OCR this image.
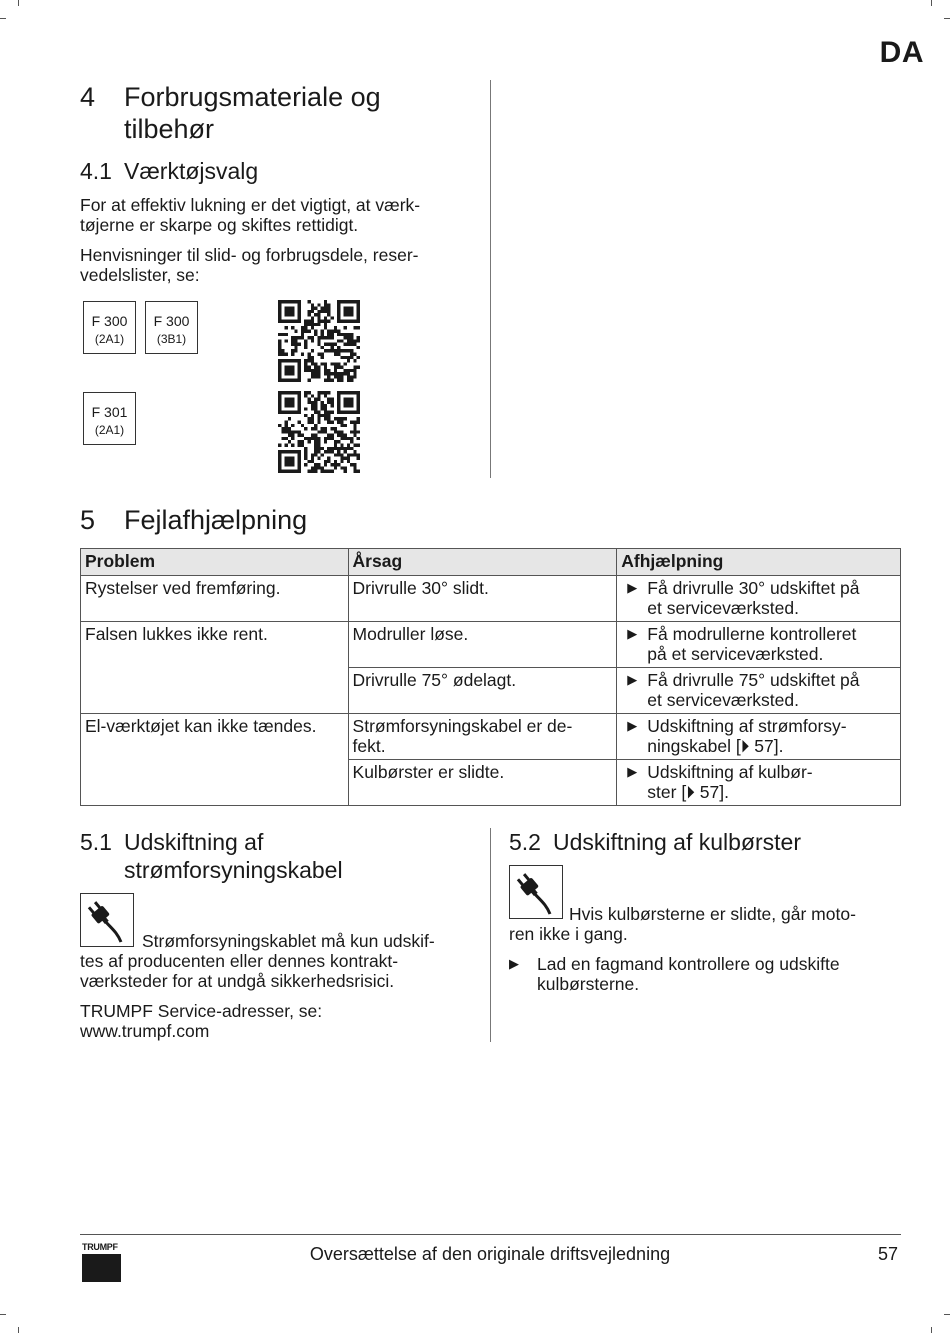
DA
4 Forbrugsmateriale og
tilbehør
4.1 Værktøjsvalg

For at effektiv lukning er det vigtigt, at værk-
tøjerne er skarpe og skiftes rettidigt.

Henvisninger til slid- og forbrugsdele, reser-
vedelslister, se:

F 300
(2A1)
F 300
(3B1)
F 301
(2A1)
5 Fejlafhjælpning
Problem	Årsag	Afhjælpning
Rystelser ved fremføring.	Drivrulle 30° slidt.	▶ Få drivrulle 30° udskiftet på
et serviceværksted.

Falsen lukkes ikke rent.	Modruller løse.	▶ Få modrullerne kontrolleret
på et serviceværksted.

	Drivrulle 75° ødelagt.	▶ Få drivrulle 75° udskiftet på
et serviceværksted.

El-værktøjet kan ikke tændes.	Strømforsyningskabel er de-
fekt.	▶ Udskiftning af strømforsy-
ningskabel [⏵ 57].

	Kulbørster er slidte.	▶ Udskiftning af kulbør-
ster [⏵ 57].
5.1 Udskiftning af
strømforsyningskabel

Strømforsyningskablet må kun udskif-
tes af producenten eller dennes kontrakt-
værksteder for at undgå sikkerhedsrisici.

TRUMPF Service-adresser, se:
www.trumpf.com

5.2 Udskiftning af kulbørster

Hvis kulbørsterne er slidte, går moto-
ren ikke i gang.

▶	Lad en fagmand kontrollere og udskifte
kulbørsterne.
TRUMPF	Oversættelse af den originale driftsvejledning	57
